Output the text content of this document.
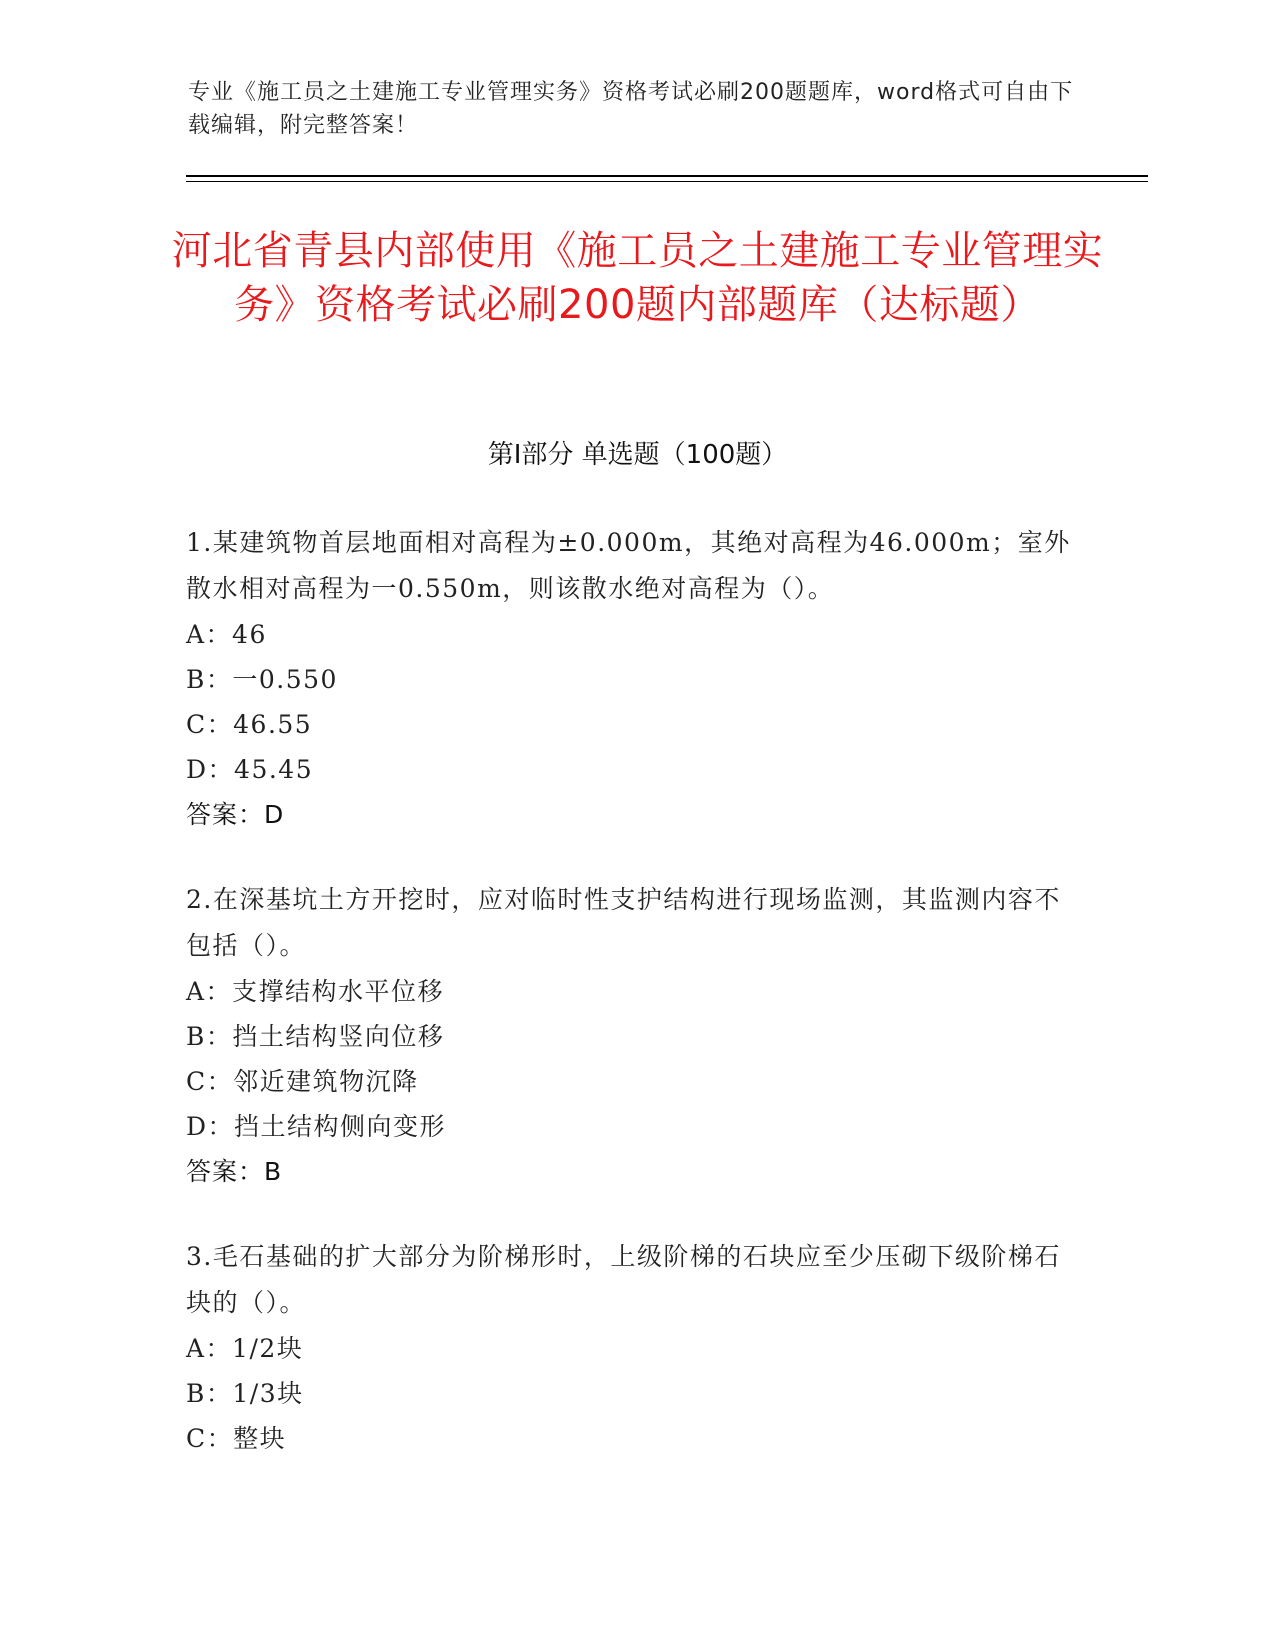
专业《施工员之土建施工专业管理实务》资格考试必刷200题题库，word格式可自由下载编辑，附完整答案！
河北省青县内部使用《施工员之土建施工专业管理实务》资格考试必刷200题内部题库（达标题）
第I部分 单选题（100题）

1.某建筑物首层地面相对高程为±0.000m，其绝对高程为46.000m；室外散水相对高程为一0.550m，则该散水绝对高程为（）。

A：46

B：一0.550

C：46.55

D：45.45

答案：D

2.在深基坑土方开挖时，应对临时性支护结构进行现场监测，其监测内容不包括（）。

A：支撑结构水平位移

B：挡土结构竖向位移

C：邻近建筑物沉降

D：挡土结构侧向变形

答案：B

3.毛石基础的扩大部分为阶梯形时，上级阶梯的石块应至少压砌下级阶梯石块的（）。

A：1/2块

B：1/3块

C：整块
